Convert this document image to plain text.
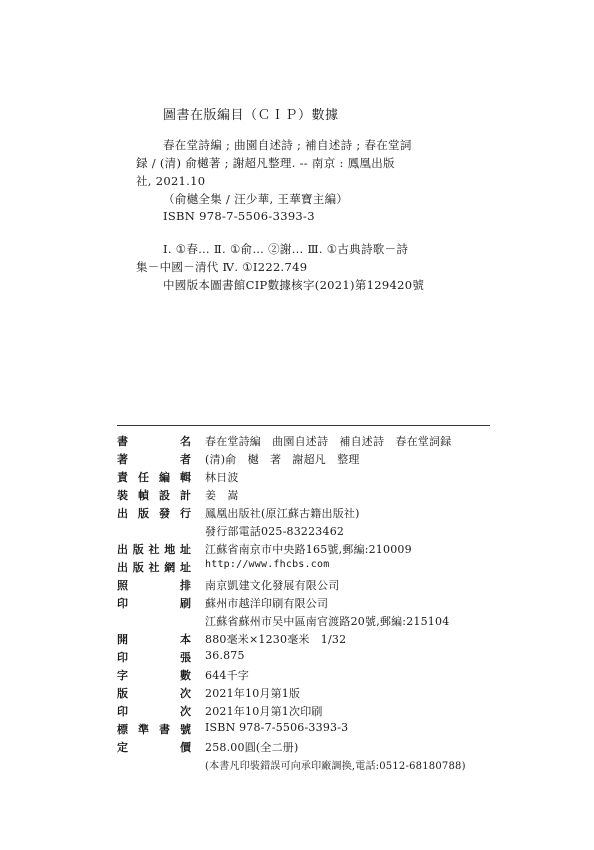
圖書在版編目（ＣＩＰ）數據
春在堂詩編 ; 曲園自述詩 ; 補自述詩 ; 春在堂詞
録 / (清) 俞樾著 ; 謝超凡整理. -- 南京 : 鳳凰出版
社, 2021.10
（俞樾全集 / 汪少華, 王華寶主編）
ISBN 978-7-5506-3393-3
Ⅰ. ①春… Ⅱ. ①俞… ②謝… Ⅲ. ①古典詩歌－詩
集－中國－清代 Ⅳ. ①I222.749
中國版本圖書館CIP數據核字(2021)第129420號
書	名 春在堂詩編　曲園自述詩　補自述詩　春在堂詞録
著	者 (清)俞　樾　著　謝超凡　整理
責 任 編 輯 林日波
裝 幀 設 計 姜　嵩
出 版 發 行 鳳凰出版社(原江蘇古籍出版社)
發行部電話025-83223462
出 版 社 地 址 江蘇省南京市中央路165號,郵編:210009
出 版 社 網 址 http://www.fhcbs.com
照	排 南京凱建文化發展有限公司
印	刷 蘇州市越洋印刷有限公司
江蘇省蘇州市吴中區南官渡路20號,郵編:215104
開	本 880毫米×1230毫米　1/32
印	張 36.875
字	數 644千字
版	次 2021年10月第1版
印	次 2021年10月第1次印刷
標 準 書 號 ISBN 978-7-5506-3393-3
定	價 258.00圓(全二册)
(本書凡印裝錯誤可向承印廠調换,電話:0512-68180788)
